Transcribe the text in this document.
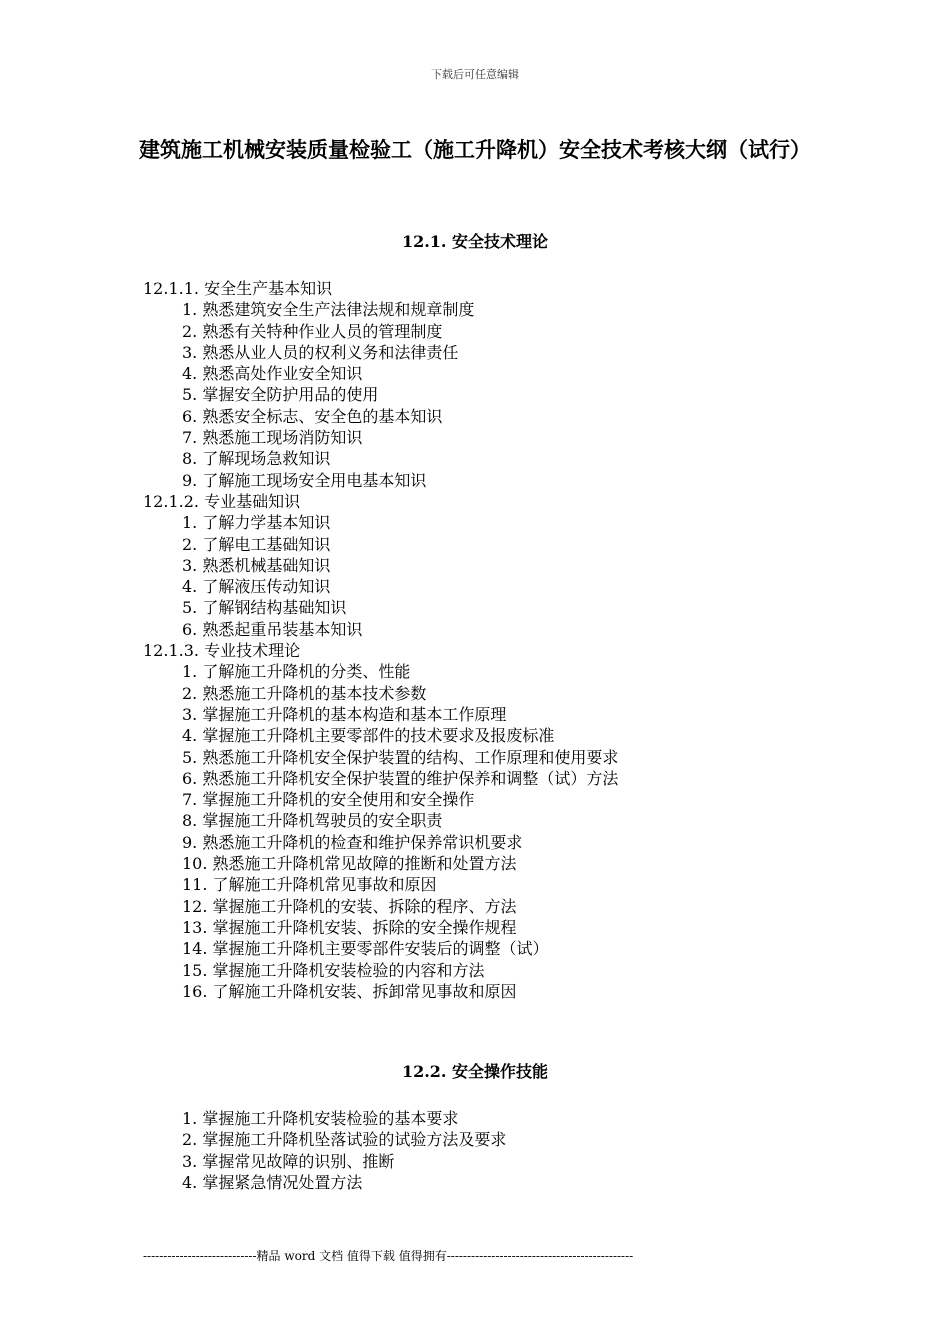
下载后可任意编辑
建筑施工机械安装质量检验工（施工升降机）安全技术考核大纲（试行）
12.1. 安全技术理论
12.1.1. 安全生产基本知识
1. 熟悉建筑安全生产法律法规和规章制度
2. 熟悉有关特种作业人员的管理制度
3. 熟悉从业人员的权利义务和法律责任
4. 熟悉高处作业安全知识
5. 掌握安全防护用品的使用
6. 熟悉安全标志、安全色的基本知识
7. 熟悉施工现场消防知识
8. 了解现场急救知识
9. 了解施工现场安全用电基本知识
12.1.2. 专业基础知识
1. 了解力学基本知识
2. 了解电工基础知识
3. 熟悉机械基础知识
4. 了解液压传动知识
5. 了解钢结构基础知识
6. 熟悉起重吊装基本知识
12.1.3. 专业技术理论
1. 了解施工升降机的分类、性能
2. 熟悉施工升降机的基本技术参数
3. 掌握施工升降机的基本构造和基本工作原理
4. 掌握施工升降机主要零部件的技术要求及报废标准
5. 熟悉施工升降机安全保护装置的结构、工作原理和使用要求
6. 熟悉施工升降机安全保护装置的维护保养和调整（试）方法
7. 掌握施工升降机的安全使用和安全操作
8. 掌握施工升降机驾驶员的安全职责
9. 熟悉施工升降机的检查和维护保养常识机要求
10. 熟悉施工升降机常见故障的推断和处置方法
11. 了解施工升降机常见事故和原因
12. 掌握施工升降机的安装、拆除的程序、方法
13. 掌握施工升降机安装、拆除的安全操作规程
14. 掌握施工升降机主要零部件安装后的调整（试）
15. 掌握施工升降机安装检验的内容和方法
16. 了解施工升降机安装、拆卸常见事故和原因
12.2. 安全操作技能
1. 掌握施工升降机安装检验的基本要求
2. 掌握施工升降机坠落试验的试验方法及要求
3. 掌握常见故障的识别、推断
4. 掌握紧急情况处置方法
----------------------------精品 word 文档 值得下载 值得拥有----------------------------------------------
